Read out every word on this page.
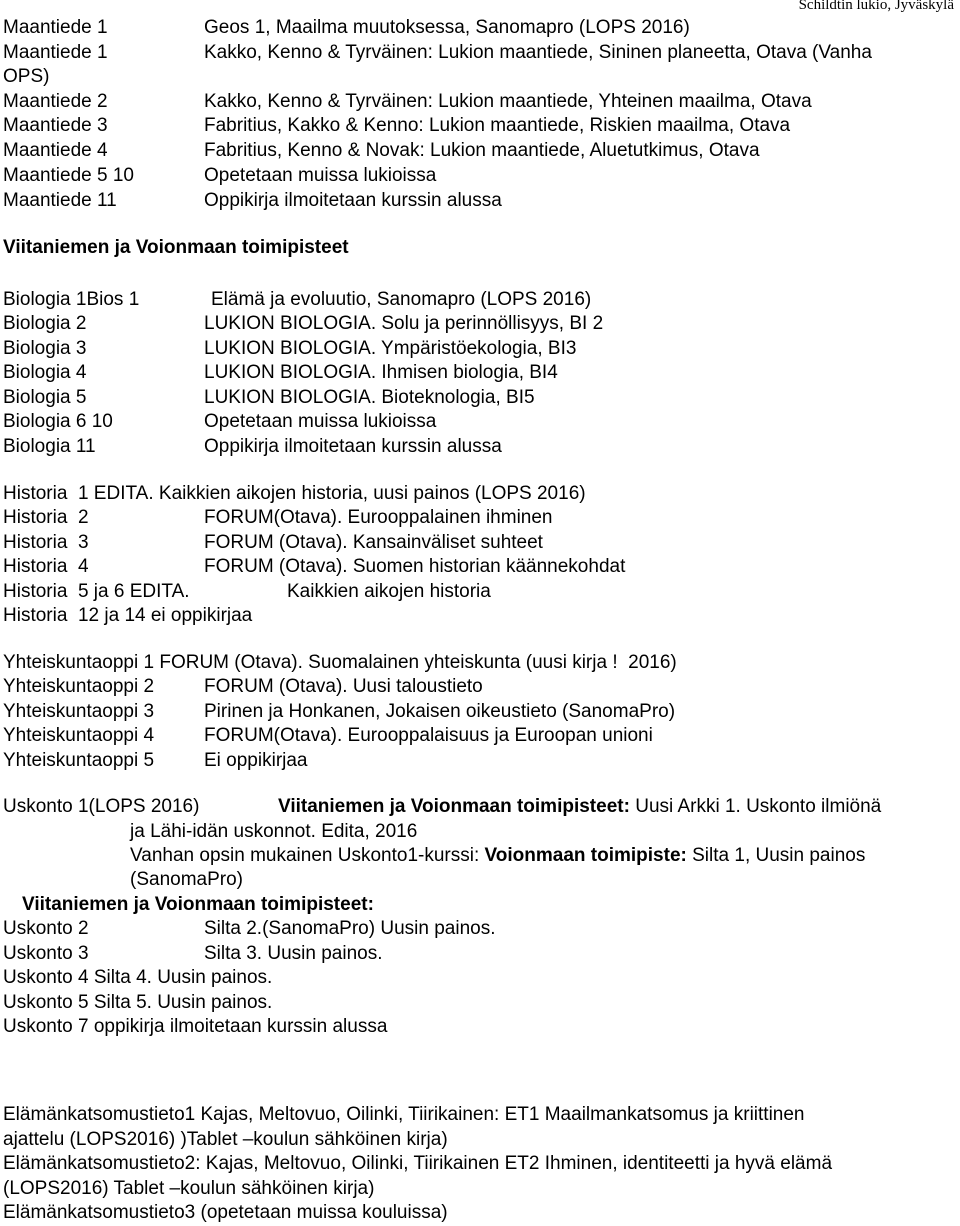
Schildtin lukio, Jyväskylä
Maantiede 1	Geos 1, Maailma muutoksessa, Sanomapro (LOPS 2016)
Maantiede 1	Kakko, Kenno & Tyrväinen: Lukion maantiede, Sininen planeetta, Otava (Vanha
OPS)
Maantiede 2	Kakko, Kenno & Tyrväinen: Lukion maantiede, Yhteinen maailma, Otava
Maantiede 3	Fabritius, Kakko & Kenno: Lukion maantiede, Riskien maailma, Otava
Maantiede 4	Fabritius, Kenno & Novak: Lukion maantiede, Aluetutkimus, Otava
Maantiede 5 10	Opetetaan muissa lukioissa
Maantiede 11	Oppikirja ilmoitetaan kurssin alussa
Viitaniemen ja Voionmaan toimipisteet
Biologia 1Bios 1	Elämä ja evoluutio, Sanomapro (LOPS 2016)
Biologia 2	LUKION BIOLOGIA. Solu ja perinnöllisyys, BI 2
Biologia 3	LUKION BIOLOGIA. Ympäristöekologia, BI3
Biologia 4	LUKION BIOLOGIA. Ihmisen biologia, BI4
Biologia 5	LUKION BIOLOGIA. Bioteknologia, BI5
Biologia 6 10	Opetetaan muissa lukioissa
Biologia 11	Oppikirja ilmoitetaan kurssin alussa
Historia  1 EDITA. Kaikkien aikojen historia, uusi painos (LOPS 2016)
Historia  2	FORUM(Otava). Eurooppalainen ihminen
Historia  3	FORUM (Otava). Kansainväliset suhteet
Historia  4	FORUM (Otava). Suomen historian käännekohdat
Historia  5 ja 6 EDITA.	Kaikkien aikojen historia
Historia  12 ja 14 ei oppikirjaa
Yhteiskuntaoppi 1 FORUM (Otava). Suomalainen yhteiskunta (uusi kirja !  2016)
Yhteiskuntaoppi 2	FORUM (Otava). Uusi taloustieto
Yhteiskuntaoppi 3	Pirinen ja Honkanen, Jokaisen oikeustieto (SanomaPro)
Yhteiskuntaoppi 4	FORUM(Otava). Eurooppalaisuus ja Euroopan unioni
Yhteiskuntaoppi 5	Ei oppikirjaa
Uskonto 1(LOPS 2016)	Viitaniemen ja Voionmaan toimipisteet: Uusi Arkki 1. Uskonto ilmiönä
ja Lähi-idän uskonnot. Edita, 2016
Vanhan opsin mukainen Uskonto1-kurssi: Voionmaan toimipiste: Silta 1, Uusin painos
(SanomaPro)
Viitaniemen ja Voionmaan toimipisteet:
Uskonto 2	Silta 2.(SanomaPro) Uusin painos.
Uskonto 3	Silta 3. Uusin painos.
Uskonto 4 Silta 4. Uusin painos.
Uskonto 5 Silta 5. Uusin painos.
Uskonto 7 oppikirja ilmoitetaan kurssin alussa
Elämänkatsomustieto1 Kajas, Meltovuo, Oilinki, Tiirikainen: ET1 Maailmankatsomus ja kriittinen
ajattelu (LOPS2016) )Tablet –koulun sähköinen kirja)
Elämänkatsomustieto2: Kajas, Meltovuo, Oilinki, Tiirikainen ET2 Ihminen, identiteetti ja hyvä elämä
(LOPS2016) Tablet –koulun sähköinen kirja)
Elämänkatsomustieto3 (opetetaan muissa kouluissa)
